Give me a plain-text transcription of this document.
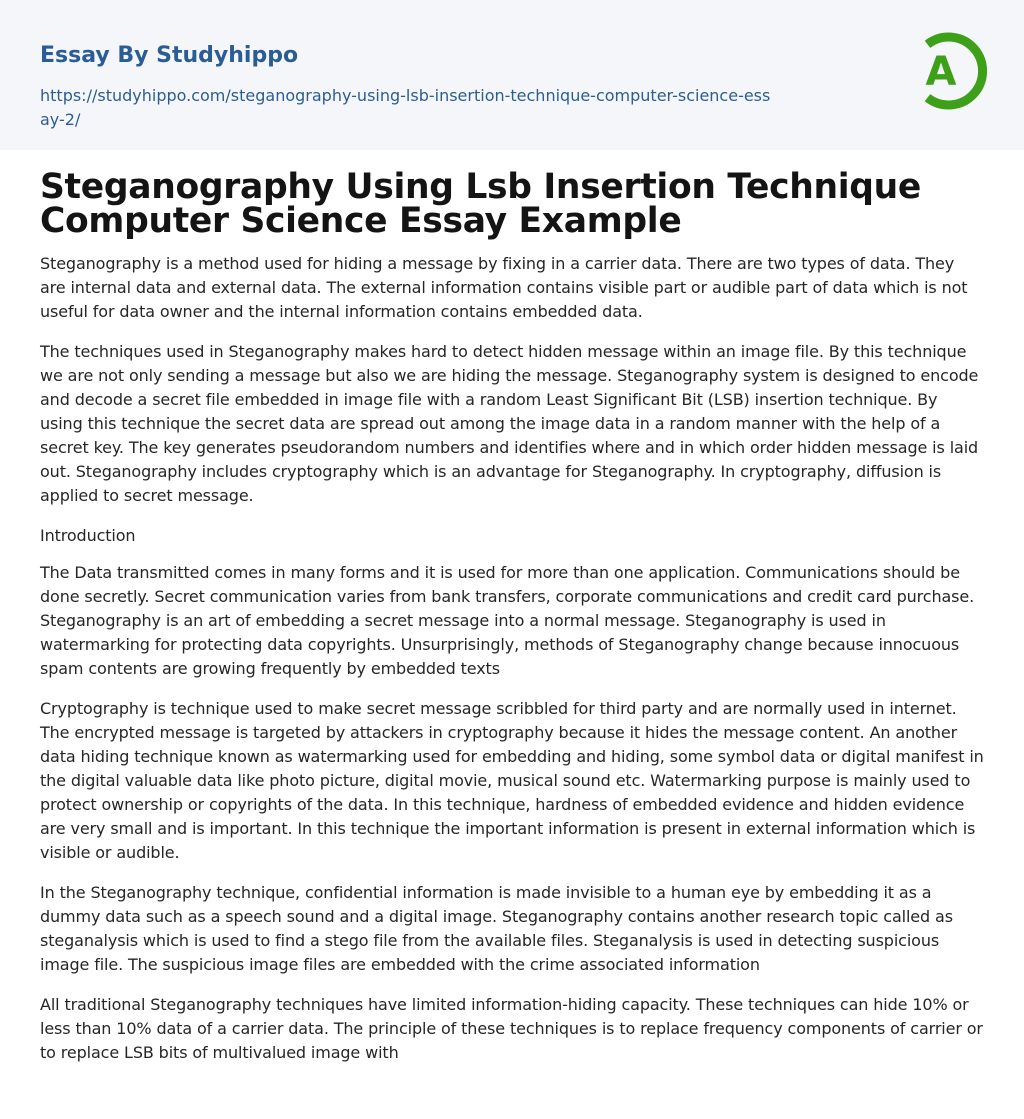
Essay By Studyhippo
https://studyhippo.com/steganography-using-lsb-insertion-technique-computer-science-essay-2/
A
Steganography Using Lsb Insertion Technique Computer Science Essay Example

Steganography is a method used for hiding a message by fixing in a carrier data. There are two types of data. They are internal data and external data. The external information contains visible part or audible part of data which is not useful for data owner and the internal information contains embedded data.

The techniques used in Steganography makes hard to detect hidden message within an image file. By this technique we are not only sending a message but also we are hiding the message. Steganography system is designed to encode and decode a secret file embedded in image file with a random Least Significant Bit (LSB) insertion technique. By using this technique the secret data are spread out among the image data in a random manner with the help of a secret key. The key generates pseudorandom numbers and identifies where and in which order hidden message is laid out. Steganography includes cryptography which is an advantage for Steganography. In cryptography, diffusion is applied to secret message.

Introduction

The Data transmitted comes in many forms and it is used for more than one application. Communications should be done secretly. Secret communication varies from bank transfers, corporate communications and credit card purchase. Steganography is an art of embedding a secret message into a normal message. Steganography is used in watermarking for protecting data copyrights. Unsurprisingly, methods of Steganography change because innocuous spam contents are growing frequently by embedded texts

Cryptography is technique used to make secret message scribbled for third party and are normally used in internet. The encrypted message is targeted by attackers in cryptography because it hides the message content. An another data hiding technique known as watermarking used for embedding and hiding, some symbol data or digital manifest in the digital valuable data like photo picture, digital movie, musical sound etc. Watermarking purpose is mainly used to protect ownership or copyrights of the data. In this technique, hardness of embedded evidence and hidden evidence are very small and is important. In this technique the important information is present in external information which is visible or audible.

In the Steganography technique, confidential information is made invisible to a human eye by embedding it as a dummy data such as a speech sound and a digital image. Steganography contains another research topic called as steganalysis which is used to find a stego file from the available files. Steganalysis is used in detecting suspicious image file. The suspicious image files are embedded with the crime associated information

All traditional Steganography techniques have limited information-hiding capacity. These techniques can hide 10% or less than 10% data of a carrier data. The principle of these techniques is to replace frequency components of carrier or to replace LSB bits of multivalued image with
